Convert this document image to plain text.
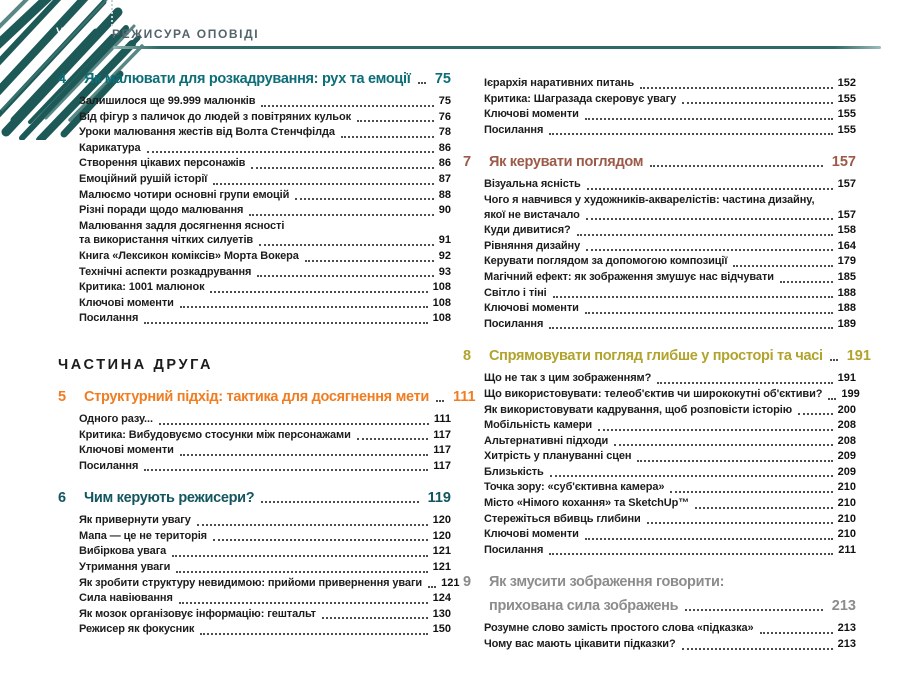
VI	РЕЖИСУРА ОПОВІДІ
4	Як малювати для розкадрування: рух та емоції 75
Залишилося ще 99.999 малюнків	75
Від фігур з паличок до людей з повітряних кульок	76
Уроки малювання жестів від Волта Стенчфілда	78
Карикатура	86
Створення цікавих персонажів	86
Емоційний рушій історії	87
Малюємо чотири основні групи емоцій	88
Різні поради щодо малювання	90
Малювання задля досягнення ясності
та використання чітких силуетів	91
Книга «Лексикон коміксів» Морта Вокера	92
Технічні аспекти розкадрування	93
Критика: 1001 малюнок	108
Ключові моменти	108
Посилання	108
ЧАСТИНА ДРУГА
5	Структурний підхід: тактика для досягнення мети 111
Одного разу...	111
Критика: Вибудовуємо стосунки між персонажами	117
Ключові моменти	117
Посилання	117
6	Чим керують режисери?	119
Як привернути увагу	120
Мапа — це не територія	120
Вибіркова увага	121
Утримання уваги	121
Як зробити структуру невидимою: прийоми привернення уваги 121
Сила навіювання	124
Як мозок організовує інформацію: гештальт	130
Режисер як фокусник	150
Ієрархія наративних питань	152
Критика: Шагразада скеровує увагу	155
Ключові моменти	155
Посилання	155
7	Як керувати поглядом	157
Візуальна ясність	157
Чого я навчився у художників-акварелістів: частина дизайну,
якої не вистачало	157
Куди дивитися?	158
Рівняння дизайну	164
Керувати поглядом за допомогою композиції	179
Магічний ефект: як зображення змушує нас відчувати	185
Світло і тіні	188
Ключові моменти	188
Посилання	189
8	Спрямовувати погляд глибше у просторі та часі 191
Що не так з цим зображенням?	191
Що використовувати: телеоб'єктив чи ширококутні об'єктиви? 199
Як використовувати кадрування, щоб розповісти історію	200
Мобільність камери	208
Альтернативні підходи	208
Хитрість у плануванні сцен	209
Близькість	209
Точка зору: «суб'єктивна камера»	210
Місто «Німого кохання» та SketchUp™	210
Стережіться вбивць глибини	210
Ключові моменти	210
Посилання	211
9	Як змусити зображення говорити:
прихована сила зображень	213
Розумне слово замість простого слова «підказка»	213
Чому вас мають цікавити підказки?	213
